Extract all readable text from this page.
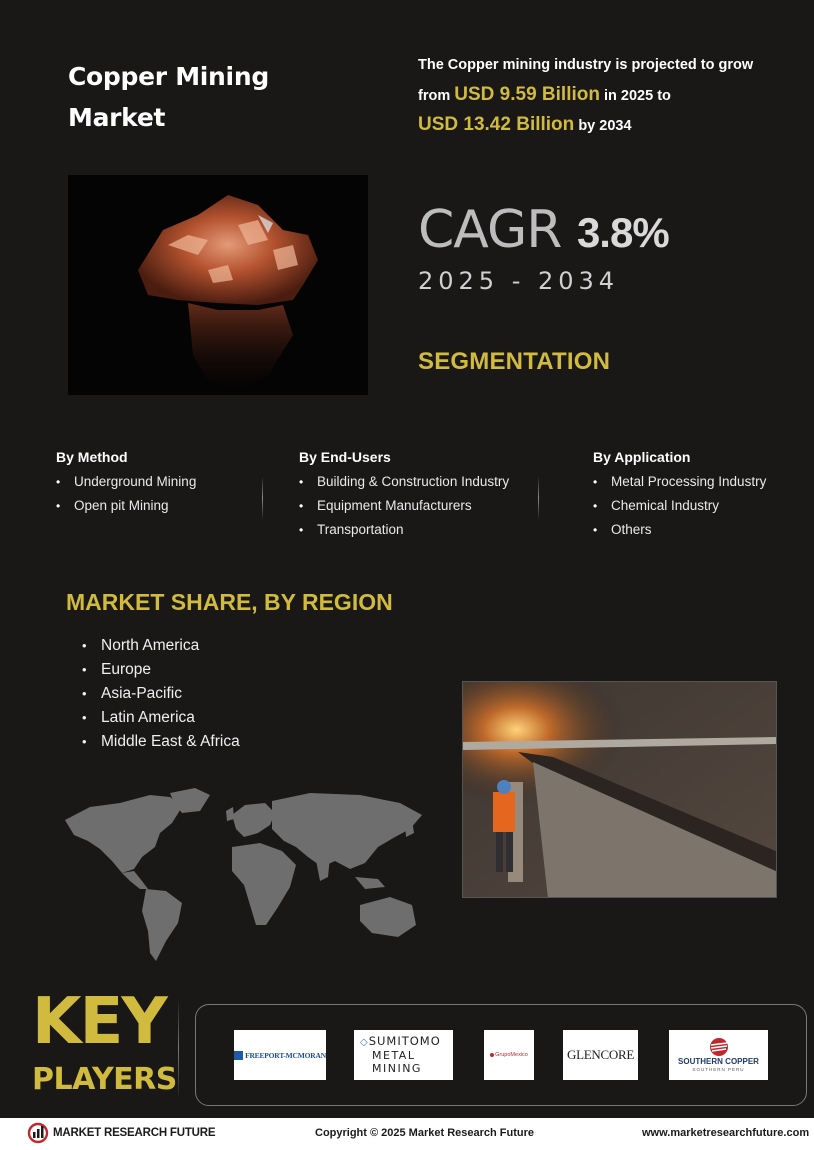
Copper Mining
Market
The Copper mining industry is projected to grow
from USD 9.59 Billion in 2025 to
USD 13.42 Billion by 2034
CAGR 3.8%
2025 - 2034
SEGMENTATION
By Method
• Underground Mining
• Open pit Mining
By End-Users
• Building & Construction Industry
• Equipment Manufacturers
• Transportation
By Application
• Metal Processing Industry
• Chemical Industry
• Others
MARKET SHARE, BY REGION
• North America
• Europe
• Asia-Pacific
• Latin America
• Middle East & Africa
KEY
PLAYERS
FREEPORT-MCMORAN
◇SUMITOMO
METAL
MINING
GrupoMexico	GLENCORE	SOUTHERN COPPER
SOUTHERN PERU
MARKET RESEARCH FUTURE	Copyright © 2025 Market Research Future	www.marketresearchfuture.com
